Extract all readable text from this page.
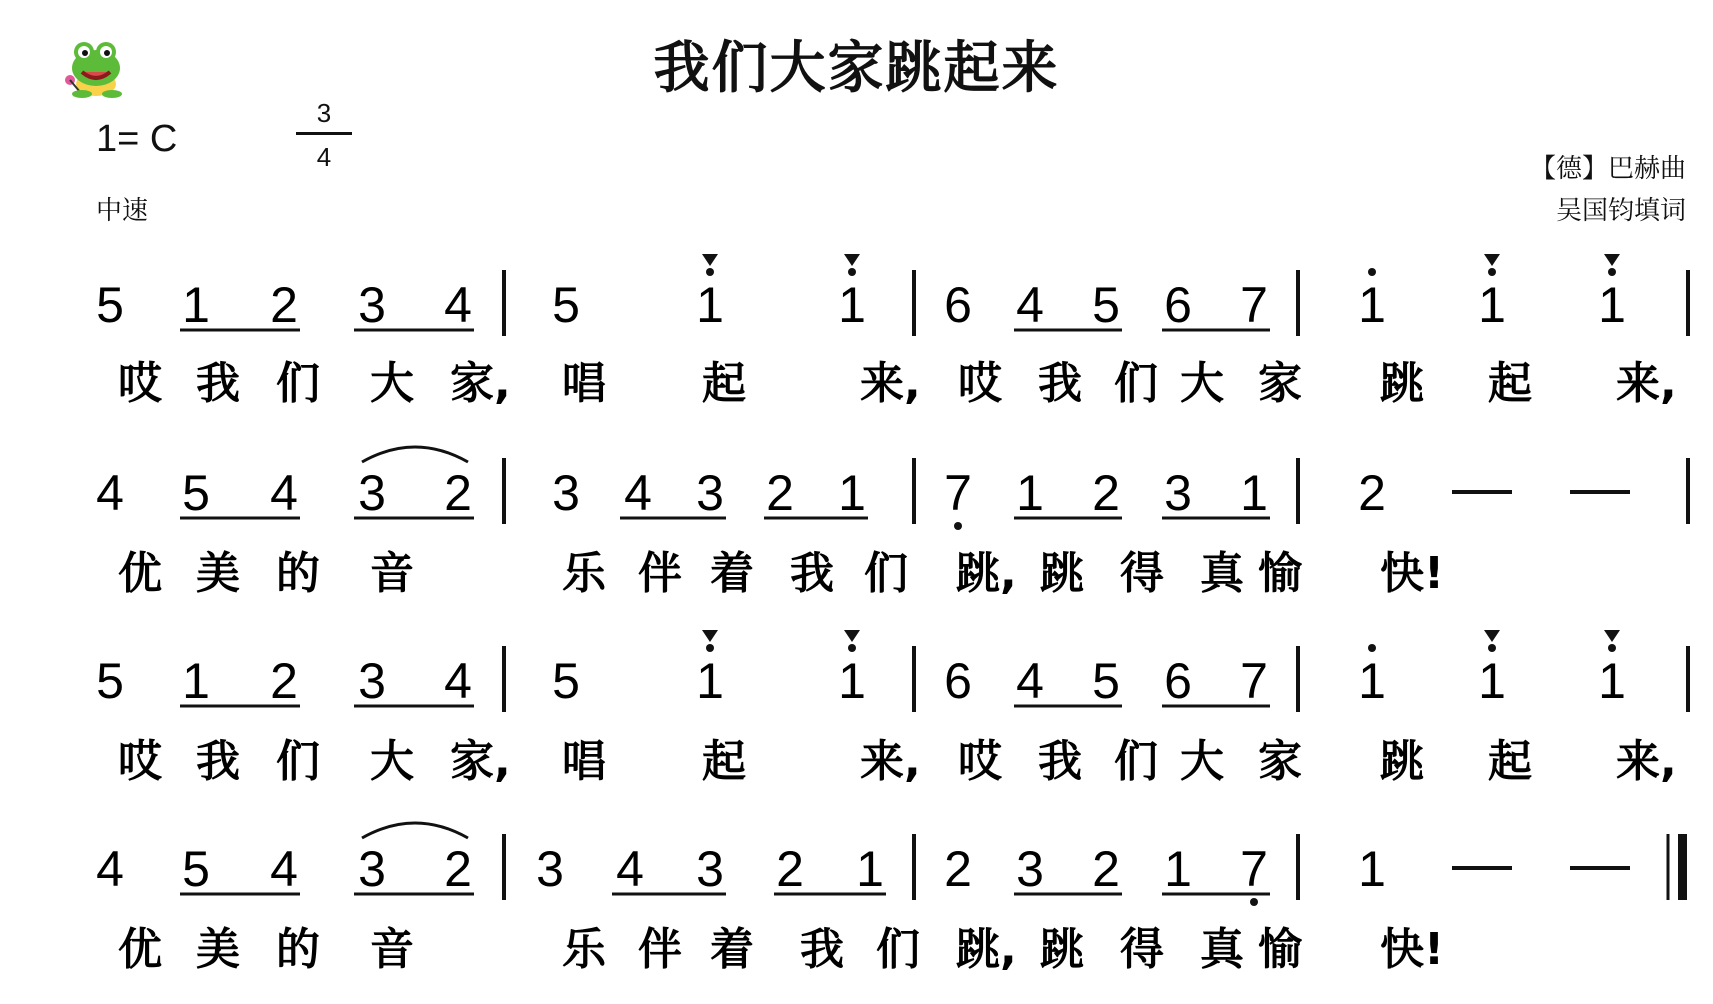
我们大家跳起来
1= C
3
4
中速
【德】巴赫曲
吴国钧填词
5 1 2 3 4 5 1 1 6 4 5 6 7 1 1 1
哎 我 们 大 家, 唱 起	来, 哎 我 们 大 家 跳 起 来,
4 5 4 3 2 3 4 3 2 1 7 1 2 3 1 2
优 美 的 音	乐 伴 着 我 们 跳, 跳 得 真 愉 快!
5 1 2 3 4 5 1 1 6 4 5 6 7 1 1 1
哎 我 们 大 家, 唱 起	来, 哎 我 们 大 家 跳 起 来,
4 5 4 3 2 3 4 3 2 1 2 3 2 1 7 1
优 美 的 音	乐 伴 着 我 们 跳, 跳 得 真 愉 快!
